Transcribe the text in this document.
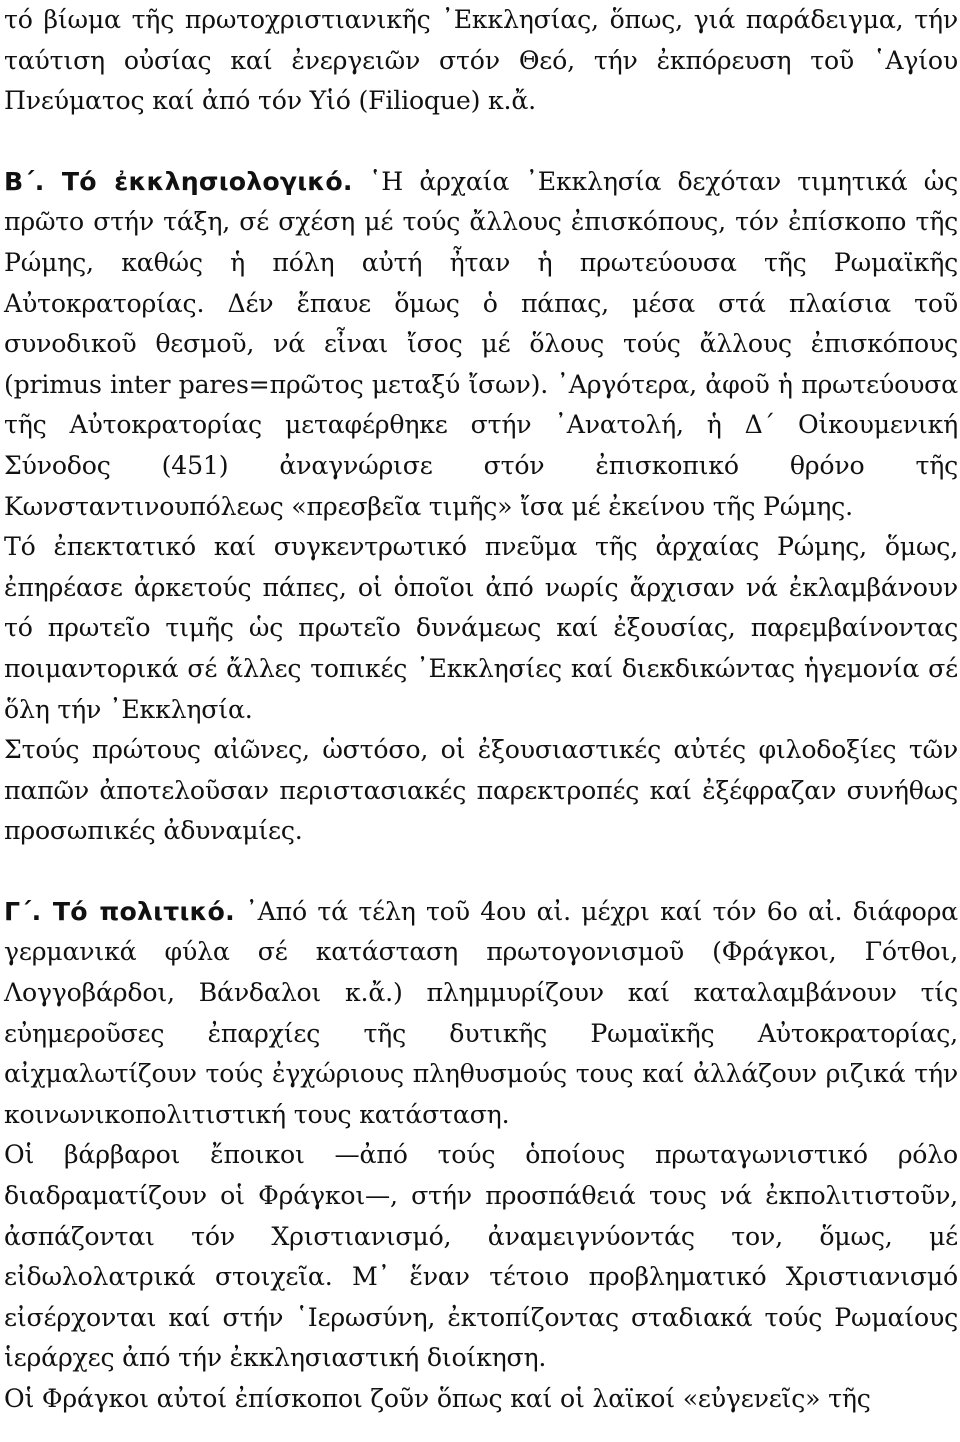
τό βίωμα τῆς πρωτοχριστιανικῆς ᾿Εκκλησίας, ὅπως, γιά παράδειγμα, τήν ταύτιση οὐσίας καί ἐνεργειῶν στόν Θεό, τήν ἐκπόρευση τοῦ ῾Αγίου Πνεύματος καί ἀπό τόν Υἱό (Filioque) κ.ἄ.

Β΄. Τό ἐκκλησιολογικό. ῾Η ἀρχαία ᾿Εκκλησία δεχόταν τιμητικά ὡς πρῶτο στήν τάξη, σέ σχέση μέ τούς ἄλλους ἐπισκόπους, τόν ἐπίσκοπο τῆς Ρώμης, καθώς ἡ πόλη αὐτή ἦταν ἡ πρωτεύουσα τῆς Ρωμαϊκῆς Αὐτοκρατορίας. Δέν ἔπαυε ὅμως ὁ πάπας, μέσα στά πλαίσια τοῦ συνοδικοῦ θεσμοῦ, νά εἶναι ἴσος μέ ὅλους τούς ἄλλους ἐπισκόπους (primus inter pares=πρῶτος μεταξύ ἴσων). ᾿Αργότερα, ἀφοῦ ἡ πρωτεύουσα τῆς Αὐτοκρατορίας μεταφέρθηκε στήν ᾿Ανατολή, ἡ Δ΄ Οἰκουμενική Σύνοδος (451) ἀναγνώρισε στόν ἐπισκοπικό θρόνο τῆς Κωνσταντινουπόλεως «πρεσβεῖα τιμῆς» ἴσα μέ ἐκείνου τῆς Ρώμης.

Τό ἐπεκτατικό καί συγκεντρωτικό πνεῦμα τῆς ἀρχαίας Ρώμης, ὅμως, ἐπηρέασε ἀρκετούς πάπες, οἱ ὁποῖοι ἀπό νωρίς ἄρχισαν νά ἐκλαμβάνουν τό πρωτεῖο τιμῆς ὡς πρωτεῖο δυνάμεως καί ἐξουσίας, παρεμβαίνοντας ποιμαντορικά σέ ἄλλες τοπικές ᾿Εκκλησίες καί διεκδικώντας ἡγεμονία σέ ὅλη τήν ᾿Εκκλησία.

Στούς πρώτους αἰῶνες, ὡστόσο, οἱ ἐξουσιαστικές αὐτές φιλοδοξίες τῶν παπῶν ἀποτελοῦσαν περιστασιακές παρεκτροπές καί ἐξέφραζαν συνήθως προσωπικές ἀδυναμίες.

Γ΄. Τό πολιτικό. ᾿Από τά τέλη τοῦ 4ου αἰ. μέχρι καί τόν 6ο αἰ. διάφορα γερμανικά φύλα σέ κατάσταση πρωτογονισμοῦ (Φράγκοι, Γότθοι, Λογγοβάρδοι, Βάνδαλοι κ.ἄ.) πλημμυρίζουν καί καταλαμβάνουν τίς εὐημεροῦσες ἐπαρχίες τῆς δυτικῆς Ρωμαϊκῆς Αὐτοκρατορίας, αἰχμαλωτίζουν τούς ἐγχώριους πληθυσμούς τους καί ἀλλάζουν ριζικά τήν κοινωνικοπολιτιστική τους κατάσταση.

Οἱ βάρβαροι ἔποικοι —ἀπό τούς ὁποίους πρωταγωνιστικό ρόλο διαδραματίζουν οἱ Φράγκοι—, στήν προσπάθειά τους νά ἐκπολιτιστοῦν, ἀσπάζονται τόν Χριστιανισμό, ἀναμειγνύοντάς τον, ὅμως, μέ εἰδωλολατρικά στοιχεῖα. Μ᾿ ἕναν τέτοιο προβληματικό Χριστιανισμό εἰσέρχονται καί στήν ῾Ιερωσύνη, ἐκτοπίζοντας σταδιακά τούς Ρωμαίους ἱεράρχες ἀπό τήν ἐκκλησιαστική διοίκηση.

Οἱ Φράγκοι αὐτοί ἐπίσκοποι ζοῦν ὅπως καί οἱ λαϊκοί «εὐγενεῖς» τῆς
